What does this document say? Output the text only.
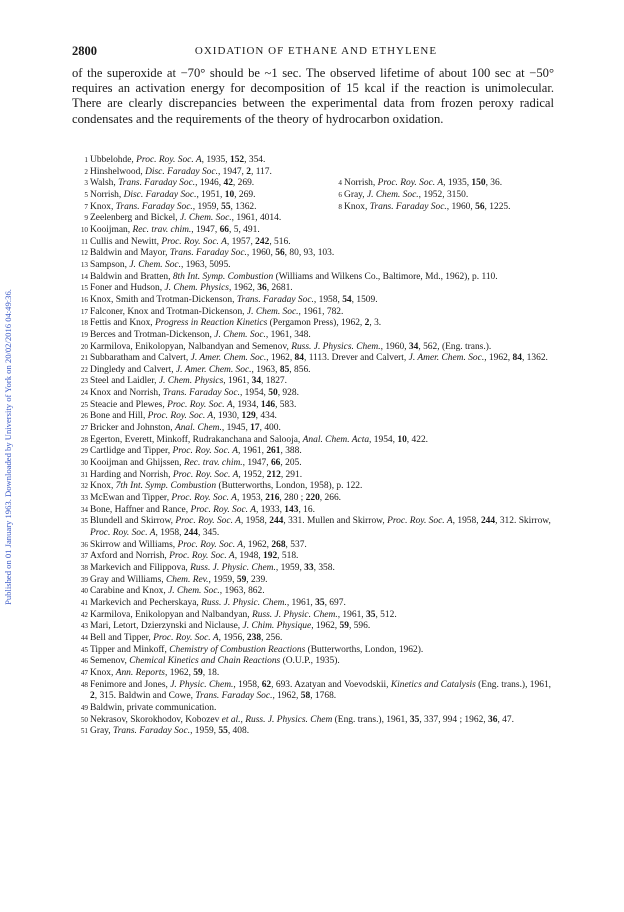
Published on 01 January 1963. Downloaded by University of York on 20/02/2016 04:49:36.
2800	OXIDATION OF ETHANE AND ETHYLENE
of the superoxide at −70° should be ~1 sec. The observed lifetime of about 100 sec at −50° requires an activation energy for decomposition of 15 kcal if the reaction is unimolecular. There are clearly discrepancies between the experimental data from frozen peroxy radical condensates and the requirements of the theory of hydrocarbon oxidation.
1 Ubbelohde, Proc. Roy. Soc. A, 1935, 152, 354.
2 Hinshelwood, Disc. Faraday Soc., 1947, 2, 117.
3 Walsh, Trans. Faraday Soc., 1946, 42, 269.	4 Norrish, Proc. Roy. Soc. A, 1935, 150, 36.
5 Norrish, Disc. Faraday Soc., 1951, 10, 269.	6 Gray, J. Chem. Soc., 1952, 3150.
7 Knox, Trans. Faraday Soc., 1959, 55, 1362.	8 Knox, Trans. Faraday Soc., 1960, 56, 1225.
9 Zeelenberg and Bickel, J. Chem. Soc., 1961, 4014.
10 Kooijman, Rec. trav. chim., 1947, 66, 5, 491.
11 Cullis and Newitt, Proc. Roy. Soc. A, 1957, 242, 516.
12 Baldwin and Mayor, Trans. Faraday Soc., 1960, 56, 80, 93, 103.
13 Sampson, J. Chem. Soc., 1963, 5095.
14 Baldwin and Bratten, 8th Int. Symp. Combustion (Williams and Wilkens Co., Baltimore, Md., 1962), p. 110.
15 Foner and Hudson, J. Chem. Physics, 1962, 36, 2681.
16 Knox, Smith and Trotman-Dickenson, Trans. Faraday Soc., 1958, 54, 1509.
17 Falconer, Knox and Trotman-Dickenson, J. Chem. Soc., 1961, 782.
18 Fettis and Knox, Progress in Reaction Kinetics (Pergamon Press), 1962, 2, 3.
19 Berces and Trotman-Dickenson, J. Chem. Soc., 1961, 348.
20 Karmilova, Enikolopyan, Nalbandyan and Semenov, Russ. J. Physics. Chem., 1960, 34, 562, (Eng. trans.).
21 Subbaratham and Calvert, J. Amer. Chem. Soc., 1962, 84, 1113. Drever and Calvert, J. Amer. Chem. Soc., 1962, 84, 1362.
22 Dingledy and Calvert, J. Amer. Chem. Soc., 1963, 85, 856.
23 Steel and Laidler, J. Chem. Physics, 1961, 34, 1827.
24 Knox and Norrish, Trans. Faraday Soc., 1954, 50, 928.
25 Steacie and Plewes, Proc. Roy. Soc. A, 1934, 146, 583.
26 Bone and Hill, Proc. Roy. Soc. A, 1930, 129, 434.
27 Bricker and Johnston, Anal. Chem., 1945, 17, 400.
28 Egerton, Everett, Minkoff, Rudrakanchana and Salooja, Anal. Chem. Acta, 1954, 10, 422.
29 Cartlidge and Tipper, Proc. Roy. Soc. A, 1961, 261, 388.
30 Kooijman and Ghijssen, Rec. trav. chim., 1947, 66, 205.
31 Harding and Norrish, Proc. Roy. Soc. A, 1952, 212, 291.
32 Knox, 7th Int. Symp. Combustion (Butterworths, London, 1958), p. 122.
33 McEwan and Tipper, Proc. Roy. Soc. A, 1953, 216, 280 ; 220, 266.
34 Bone, Haffner and Rance, Proc. Roy. Soc. A, 1933, 143, 16.
35 Blundell and Skirrow, Proc. Roy. Soc. A, 1958, 244, 331. Mullen and Skirrow, Proc. Roy. Soc. A, 1958, 244, 312. Skirrow, Proc. Roy. Soc. A, 1958, 244, 345.
36 Skirrow and Williams, Proc. Roy. Soc. A, 1962, 268, 537.
37 Axford and Norrish, Proc. Roy. Soc. A, 1948, 192, 518.
38 Markevich and Filippova, Russ. J. Physic. Chem., 1959, 33, 358.
39 Gray and Williams, Chem. Rev., 1959, 59, 239.
40 Carabine and Knox, J. Chem. Soc., 1963, 862.
41 Markevich and Pecherskaya, Russ. J. Physic. Chem., 1961, 35, 697.
42 Karmilova, Enikolopyan and Nalbandyan, Russ. J. Physic. Chem., 1961, 35, 512.
43 Mari, Letort, Dzierzynski and Niclause, J. Chim. Physique, 1962, 59, 596.
44 Bell and Tipper, Proc. Roy. Soc. A, 1956, 238, 256.
45 Tipper and Minkoff, Chemistry of Combustion Reactions (Butterworths, London, 1962).
46 Semenov, Chemical Kinetics and Chain Reactions (O.U.P., 1935).
47 Knox, Ann. Reports, 1962, 59, 18.
48 Fenimore and Jones, J. Physic. Chem., 1958, 62, 693. Azatyan and Voevodskii, Kinetics and Catalysis (Eng. trans.), 1961, 2, 315. Baldwin and Cowe, Trans. Faraday Soc., 1962, 58, 1768.
49 Baldwin, private communication.
50 Nekrasov, Skorokhodov, Kobozev et al., Russ. J. Physics. Chem (Eng. trans.), 1961, 35, 337, 994 ; 1962, 36, 47.
51 Gray, Trans. Faraday Soc., 1959, 55, 408.
